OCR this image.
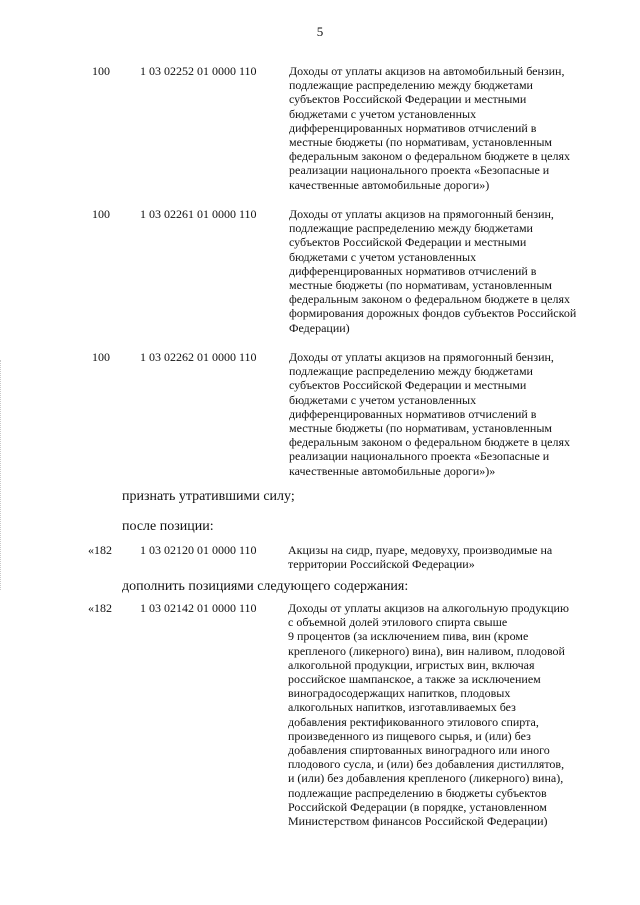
5
100	1 03 02252 01 0000 110	Доходы от уплаты акцизов на автомобильный бензин,
подлежащие распределению между бюджетами
субъектов Российской Федерации и местными
бюджетами с учетом установленных
дифференцированных нормативов отчислений в
местные бюджеты (по нормативам, установленным
федеральным законом о федеральном бюджете в целях
реализации национального проекта «Безопасные и
качественные автомобильные дороги»)
100	1 03 02261 01 0000 110	Доходы от уплаты акцизов на прямогонный бензин,
подлежащие распределению между бюджетами
субъектов Российской Федерации и местными
бюджетами с учетом установленных
дифференцированных нормативов отчислений в
местные бюджеты (по нормативам, установленным
федеральным законом о федеральном бюджете в целях
формирования дорожных фондов субъектов Российской
Федерации)
100	1 03 02262 01 0000 110	Доходы от уплаты акцизов на прямогонный бензин,
подлежащие распределению между бюджетами
субъектов Российской Федерации и местными
бюджетами с учетом установленных
дифференцированных нормативов отчислений в
местные бюджеты (по нормативам, установленным
федеральным законом о федеральном бюджете в целях
реализации национального проекта «Безопасные и
качественные автомобильные дороги»)»
признать утратившими силу;
после позиции:
«182 1 03 02120 01 0000 110	Акцизы на сидр, пуаре, медовуху, производимые на
территории Российской Федерации»
дополнить позициями следующего содержания:
«182 1 03 02142 01 0000 110	Доходы от уплаты акцизов на алкогольную продукцию
с объемной долей этилового спирта свыше
9 процентов (за исключением пива, вин (кроме
крепленого (ликерного) вина), вин наливом, плодовой
алкогольной продукции, игристых вин, включая
российское шампанское, а также за исключением
виноградосодержащих напитков, плодовых
алкогольных напитков, изготавливаемых без
добавления ректификованного этилового спирта,
произведенного из пищевого сырья, и (или) без
добавления спиртованных виноградного или иного
плодового сусла, и (или) без добавления дистиллятов,
и (или) без добавления крепленого (ликерного) вина),
подлежащие распределению в бюджеты субъектов
Российской Федерации (в порядке, установленном
Министерством финансов Российской Федерации)
